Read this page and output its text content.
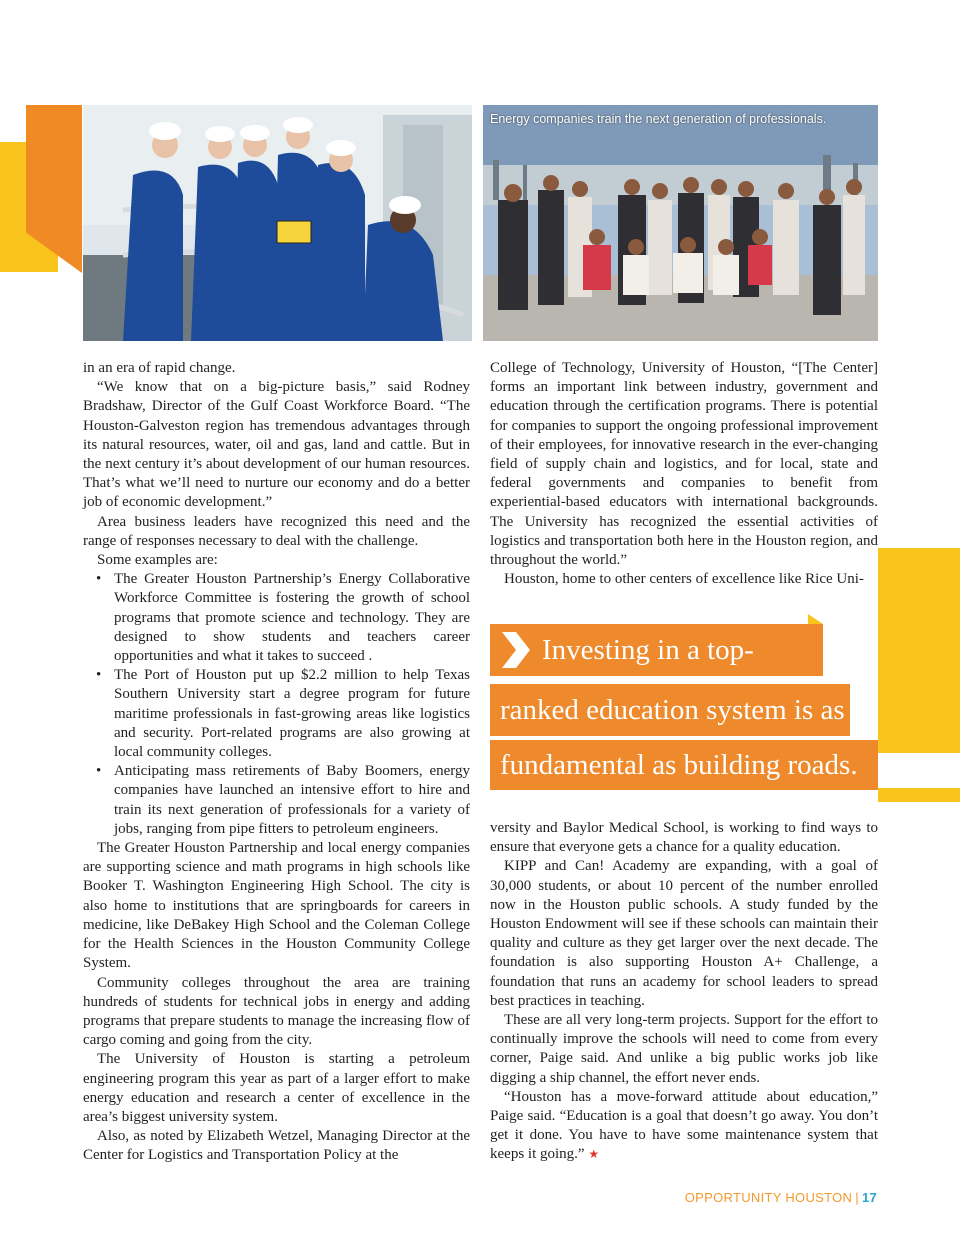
Energy companies train the next generation of professionals.

in an era of rapid change.

“We know that on a big-picture basis,” said Rodney Bradshaw, Director of the Gulf Coast Workforce Board. “The Houston-Galveston region has tremendous advantages through its natural resources, water, oil and gas, land and cattle. But in the next century it’s about development of our human resources. That’s what we’ll need to nurture our economy and do a better job of economic development.”

Area business leaders have recognized this need and the range of responses necessary to deal with the challenge.

Some examples are:

• The Greater Houston Partnership’s Energy Collaborative Workforce Committee is fostering the growth of school programs that promote science and technology. They are designed to show students and teachers career opportunities and what it takes to succeed .
• The Port of Houston put up $2.2 million to help Texas Southern University start a degree program for future maritime professionals in fast-growing areas like logistics and security. Port-related programs are also growing at local community colleges.
• Anticipating mass retirements of Baby Boomers, energy companies have launched an intensive effort to hire and train its next generation of professionals for a variety of jobs, ranging from pipe fitters to petroleum engineers.

The Greater Houston Partnership and local energy companies are supporting science and math programs in high schools like Booker T. Washington Engineering High School. The city is also home to institutions that are springboards for careers in medicine, like DeBakey High School and the Coleman College for the Health Sciences in the Houston Community College System.

Community colleges throughout the area are training hundreds of students for technical jobs in energy and adding programs that prepare students to manage the increasing flow of cargo coming and going from the city.

The University of Houston is starting a petroleum engineering program this year as part of a larger effort to make energy education and research a center of excellence in the area’s biggest university system.

Also, as noted by Elizabeth Wetzel, Managing Director at the Center for Logistics and Transportation Policy at the

College of Technology, University of Houston, “[The Center] forms an important link between industry, government and education through the certification programs. There is potential for companies to support the ongoing professional improvement of their employees, for innovative research in the ever-changing field of supply chain and logistics, and for local, state and federal governments and companies to benefit from experiential-based educators with international backgrounds. The University has recognized the essential activities of logistics and transportation both here in the Houston region, and throughout the world.”

Houston, home to other centers of excellence like Rice Uni-

Investing in a top-
ranked education system is as
fundamental as building roads.

versity and Baylor Medical School, is working to find ways to ensure that everyone gets a chance for a quality education.

KIPP and Can! Academy are expanding, with a goal of 30,000 students, or about 10 percent of the number enrolled now in the Houston public schools. A study funded by the Houston Endowment will see if these schools can maintain their quality and culture as they get larger over the next decade. The foundation is also supporting Houston A+ Challenge, a foundation that runs an academy for school leaders to spread best practices in teaching.

These are all very long-term projects. Support for the effort to continually improve the schools will need to come from every corner, Paige said. And unlike a big public works job like digging a ship channel, the effort never ends.

“Houston has a move-forward attitude about education,” Paige said. “Education is a goal that doesn’t go away. You don’t get it done. You have to have some maintenance system that keeps it going.” ★

OPPORTUNITY HOUSTON | 17
